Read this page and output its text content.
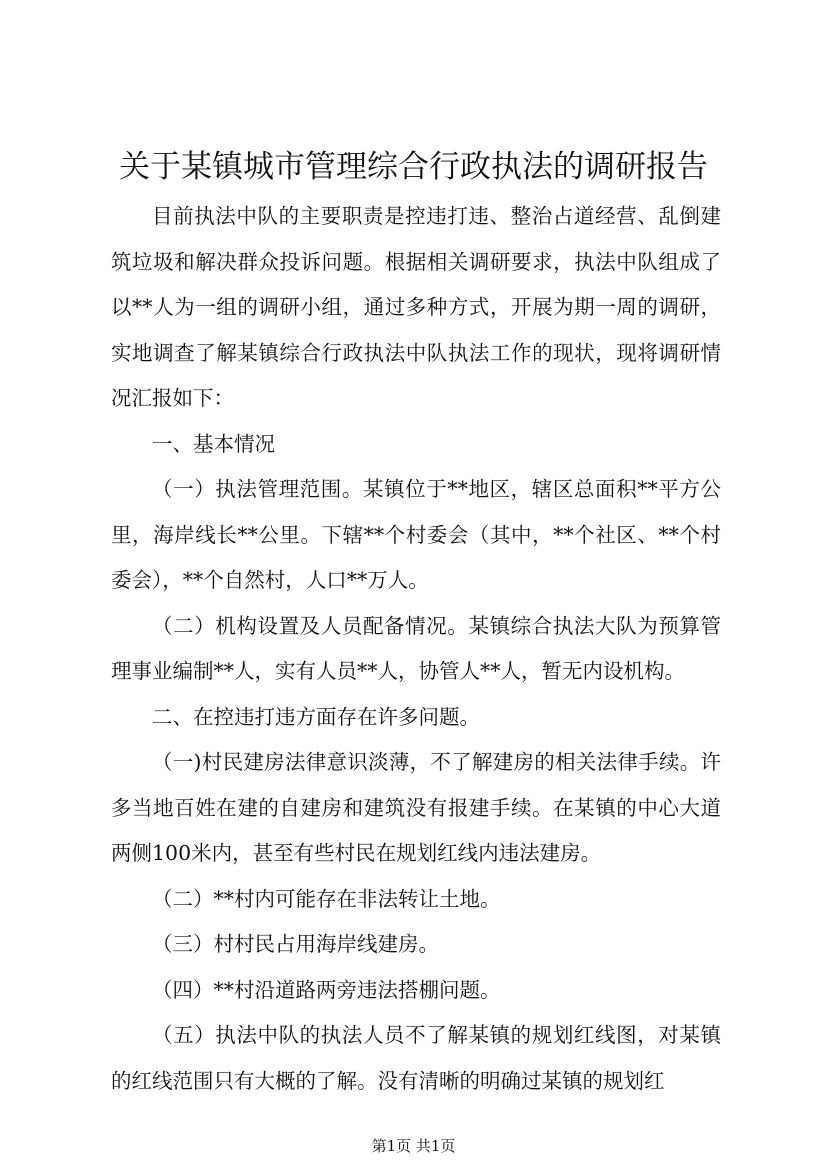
关于某镇城市管理综合行政执法的调研报告

目前执法中队的主要职责是控违打违、整治占道经营、乱倒建筑垃圾和解决群众投诉问题。根据相关调研要求，执法中队组成了以**人为一组的调研小组，通过多种方式，开展为期一周的调研，实地调查了解某镇综合行政执法中队执法工作的现状，现将调研情况汇报如下：

一、基本情况

（一）执法管理范围。某镇位于**地区，辖区总面积**平方公里，海岸线长**公里。下辖**个村委会（其中，**个社区、**个村委会），**个自然村，人口**万人。

（二）机构设置及人员配备情况。某镇综合执法大队为预算管理事业编制**人，实有人员**人，协管人**人，暂无内设机构。

二、在控违打违方面存在许多问题。

（一)村民建房法律意识淡薄，不了解建房的相关法律手续。许多当地百姓在建的自建房和建筑没有报建手续。在某镇的中心大道两侧100米内，甚至有些村民在规划红线内违法建房。

（二）**村内可能存在非法转让土地。

（三）村村民占用海岸线建房。

（四）**村沿道路两旁违法搭棚问题。

（五）执法中队的执法人员不了解某镇的规划红线图，对某镇的红线范围只有大概的了解。没有清晰的明确过某镇的规划红

第1页 共1页
